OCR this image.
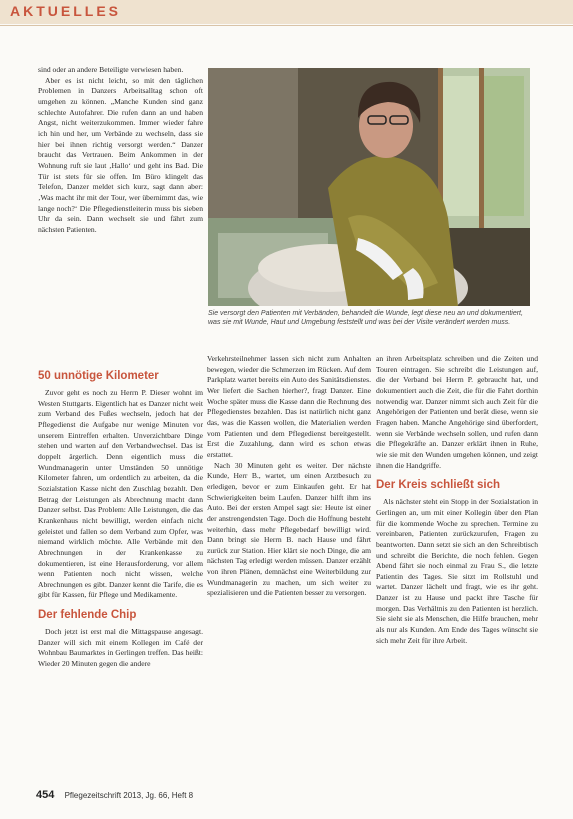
AKTUELLES

sind oder an andere Beteiligte verwiesen haben.

Aber es ist nicht leicht, so mit den täglichen Problemen in Danzers Arbeitsalltag schon oft umgehen zu können. „Manche Kunden sind ganz schlechte Autofahrer. Die rufen dann an und haben Angst, nicht weiterzukommen. Immer wieder fahre ich hin und her, um Verbände zu wechseln, dass sie hier bei ihnen richtig versorgt werden.“ Danzer braucht das Vertrauen. Beim Ankommen in der Wohnung ruft sie laut ‚Hallo‘ und geht ins Bad. Die Tür ist stets für sie offen. Im Büro klingelt das Telefon, Danzer meldet sich kurz, sagt dann aber: ‚Was macht ihr mit der Tour, wer übernimmt das, wie lange noch?‘ Die Pflegedienstleiterin muss bis sieben Uhr da sein. Dann wechselt sie und fährt zum nächsten Patienten.

50 unnötige Kilometer

Zuvor geht es noch zu Herrn P. Dieser wohnt im Westen Stuttgarts. Eigentlich hat es Danzer nicht weit zum Verband des Fußes wechseln, jedoch hat der Pflegedienst die Aufgabe nur wenige Minuten vor unserem Eintreffen erhalten. Unverzichtbare Dinge stehen und warten auf den Verbandwechsel. Das ist doppelt ärgerlich. Denn eigentlich muss die Wundmanagerin unter Umständen 50 unnötige Kilometer fahren, um ordentlich zu arbeiten, da die Sozialstation Kasse nicht den Zuschlag bezahlt. Den Betrag der Leistungen als Abrechnung macht dann Danzer selbst. Das Problem: Alle Leistungen, die das Krankenhaus nicht bewilligt, werden einfach nicht geleistet und fallen so dem Verband zum Opfer, was niemand wirklich möchte. Alle Verbände mit den Abrechnungen in der Krankenkasse zu dokumentieren, ist eine Herausforderung, vor allem wenn Patienten noch nicht wissen, welche Abrechnungen es gibt. Danzer kennt die Tarife, die es gibt für Kassen, für Pflege und Medikamente.

Der fehlende Chip

Doch jetzt ist erst mal die Mittagspause angesagt. Danzer will sich mit einem Kollegen im Café der Wohnbau Baumarktes in Gerlingen treffen. Das heißt: Wieder 20 Minuten gegen die andere

Verkehrsteilnehmer lassen sich nicht zum Anhalten bewegen, wieder die Schmerzen im Rücken. Auf dem Parkplatz wartet bereits ein Auto des Sanitätsdienstes. Wer liefert die Sachen hierher?, fragt Danzer. Eine Woche später muss die Kasse dann die Rechnung des Pflegedienstes bezahlen. Das ist natürlich nicht ganz das, was die Kassen wollen, die Materialien werden vom Patienten und dem Pflegedienst bereitgestellt. Erst die Zuzahlung, dann wird es schon etwas erstattet.

Nach 30 Minuten geht es weiter. Der nächste Kunde, Herr B., wartet, um einen Arztbesuch zu erledigen, bevor er zum Einkaufen geht. Er hat Schwierigkeiten beim Laufen. Danzer hilft ihm ins Auto. Bei der ersten Ampel sagt sie: Heute ist einer der anstrengendsten Tage. Doch die Hoffnung besteht weiterhin, dass mehr Pflegebedarf bewilligt wird. Dann bringt sie Herrn B. nach Hause und fährt zurück zur Station. Hier klärt sie noch Dinge, die am nächsten Tag erledigt werden müssen. Danzer erzählt von ihren Plänen, demnächst eine Weiterbildung zur Wundmanagerin zu machen, um sich weiter zu spezialisieren und die Patienten besser zu versorgen.

an ihren Arbeitsplatz schreiben und die Zeiten und Touren eintragen. Sie schreibt die Leistungen auf, die der Verband bei Herrn P. gebraucht hat, und dokumentiert auch die Zeit, die für die Fahrt dorthin notwendig war. Danzer nimmt sich auch Zeit für die Angehörigen der Patienten und berät diese, wenn sie Fragen haben. Manche Angehörige sind überfordert, wenn sie Verbände wechseln sollen, und rufen dann die Pflegekräfte an. Danzer erklärt ihnen in Ruhe, wie sie mit den Wunden umgehen können, und zeigt ihnen die Handgriffe.

Der Kreis schließt sich

Als nächster steht ein Stopp in der Sozialstation in Gerlingen an, um mit einer Kollegin über den Plan für die kommende Woche zu sprechen. Termine zu vereinbaren, Patienten zurückzurufen, Fragen zu beantworten. Dann setzt sie sich an den Schreibtisch und schreibt die Berichte, die noch fehlen. Gegen Abend fährt sie noch einmal zu Frau S., die letzte Patientin des Tages. Sie sitzt im Rollstuhl und wartet. Danzer lächelt und fragt, wie es ihr geht. Danzer ist zu Hause und packt ihre Tasche für morgen. Das Verhältnis zu den Patienten ist herzlich. Sie sieht sie als Menschen, die Hilfe brauchen, mehr als nur als Kunden. Am Ende des Tages wünscht sie sich mehr Zeit für ihre Arbeit.

Sie versorgt den Patienten mit Verbänden, behandelt die Wunde, legt diese neu an und dokumentiert, was sie mit Wunde, Haut und Umgebung feststellt und was bei der Visite verändert werden muss.
454 Pflegezeitschrift 2013, Jg. 66, Heft 8
